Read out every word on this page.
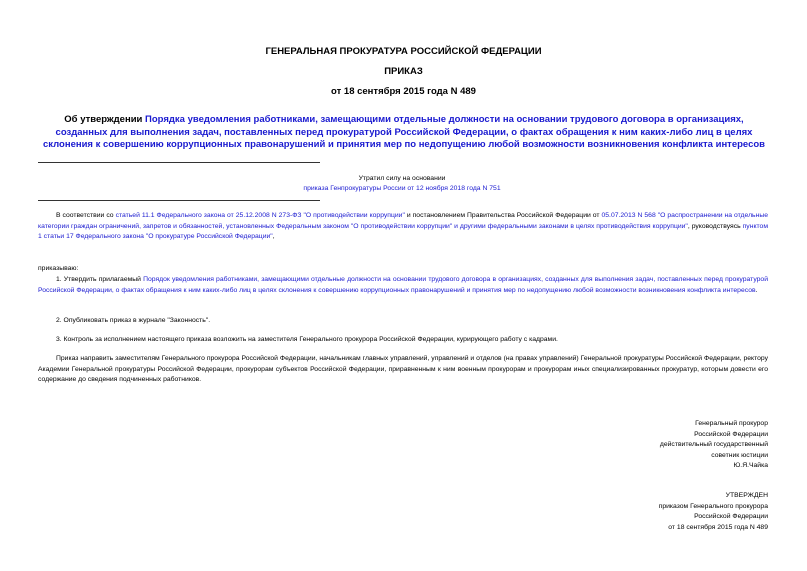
ГЕНЕРАЛЬНАЯ ПРОКУРАТУРА РОССИЙСКОЙ ФЕДЕРАЦИИ
ПРИКАЗ
от 18 сентября 2015 года N 489
Об утверждении Порядка уведомления работниками, замещающими отдельные должности на основании трудового договора в организациях, созданных для выполнения задач, поставленных перед прокуратурой Российской Федерации, о фактах обращения к ним каких-либо лиц в целях склонения к совершению коррупционных правонарушений и принятия мер по недопущению любой возможности возникновения конфликта интересов
Утратил силу на основании
приказа Генпрокуратуры России от 12 ноября 2018 года N 751
В соответствии со статьей 11.1 Федерального закона от 25.12.2008 N 273-ФЗ "О противодействии коррупции" и постановлением Правительства Российской Федерации от 05.07.2013 N 568 "О распространении на отдельные категории граждан ограничений, запретов и обязанностей, установленных Федеральным законом "О противодействии коррупции" и другими федеральными законами в целях противодействия коррупции", руководствуясь пунктом 1 статьи 17 Федерального закона "О прокуратуре Российской Федерации",
приказываю:
1. Утвердить прилагаемый Порядок уведомления работниками, замещающими отдельные должности на основании трудового договора в организациях, созданных для выполнения задач, поставленных перед прокуратурой Российской Федерации, о фактах обращения к ним каких-либо лиц в целях склонения к совершению коррупционных правонарушений и принятия мер по недопущению любой возможности возникновения конфликта интересов.
2. Опубликовать приказ в журнале "Законность".
3. Контроль за исполнением настоящего приказа возложить на заместителя Генерального прокурора Российской Федерации, курирующего работу с кадрами.
Приказ направить заместителям Генерального прокурора Российской Федерации, начальникам главных управлений, управлений и отделов (на правах управлений) Генеральной прокуратуры Российской Федерации, ректору Академии Генеральной прокуратуры Российской Федерации, прокурорам субъектов Российской Федерации, приравненным к ним военным прокурорам и прокурорам иных специализированных прокуратур, которым довести его содержание до сведения подчиненных работников.
Генеральный прокурор
Российской Федерации
действительный государственный
советник юстиции
Ю.Я.Чайка
УТВЕРЖДЕН
приказом Генерального прокурора
Российской Федерации
от 18 сентября 2015 года N 489
